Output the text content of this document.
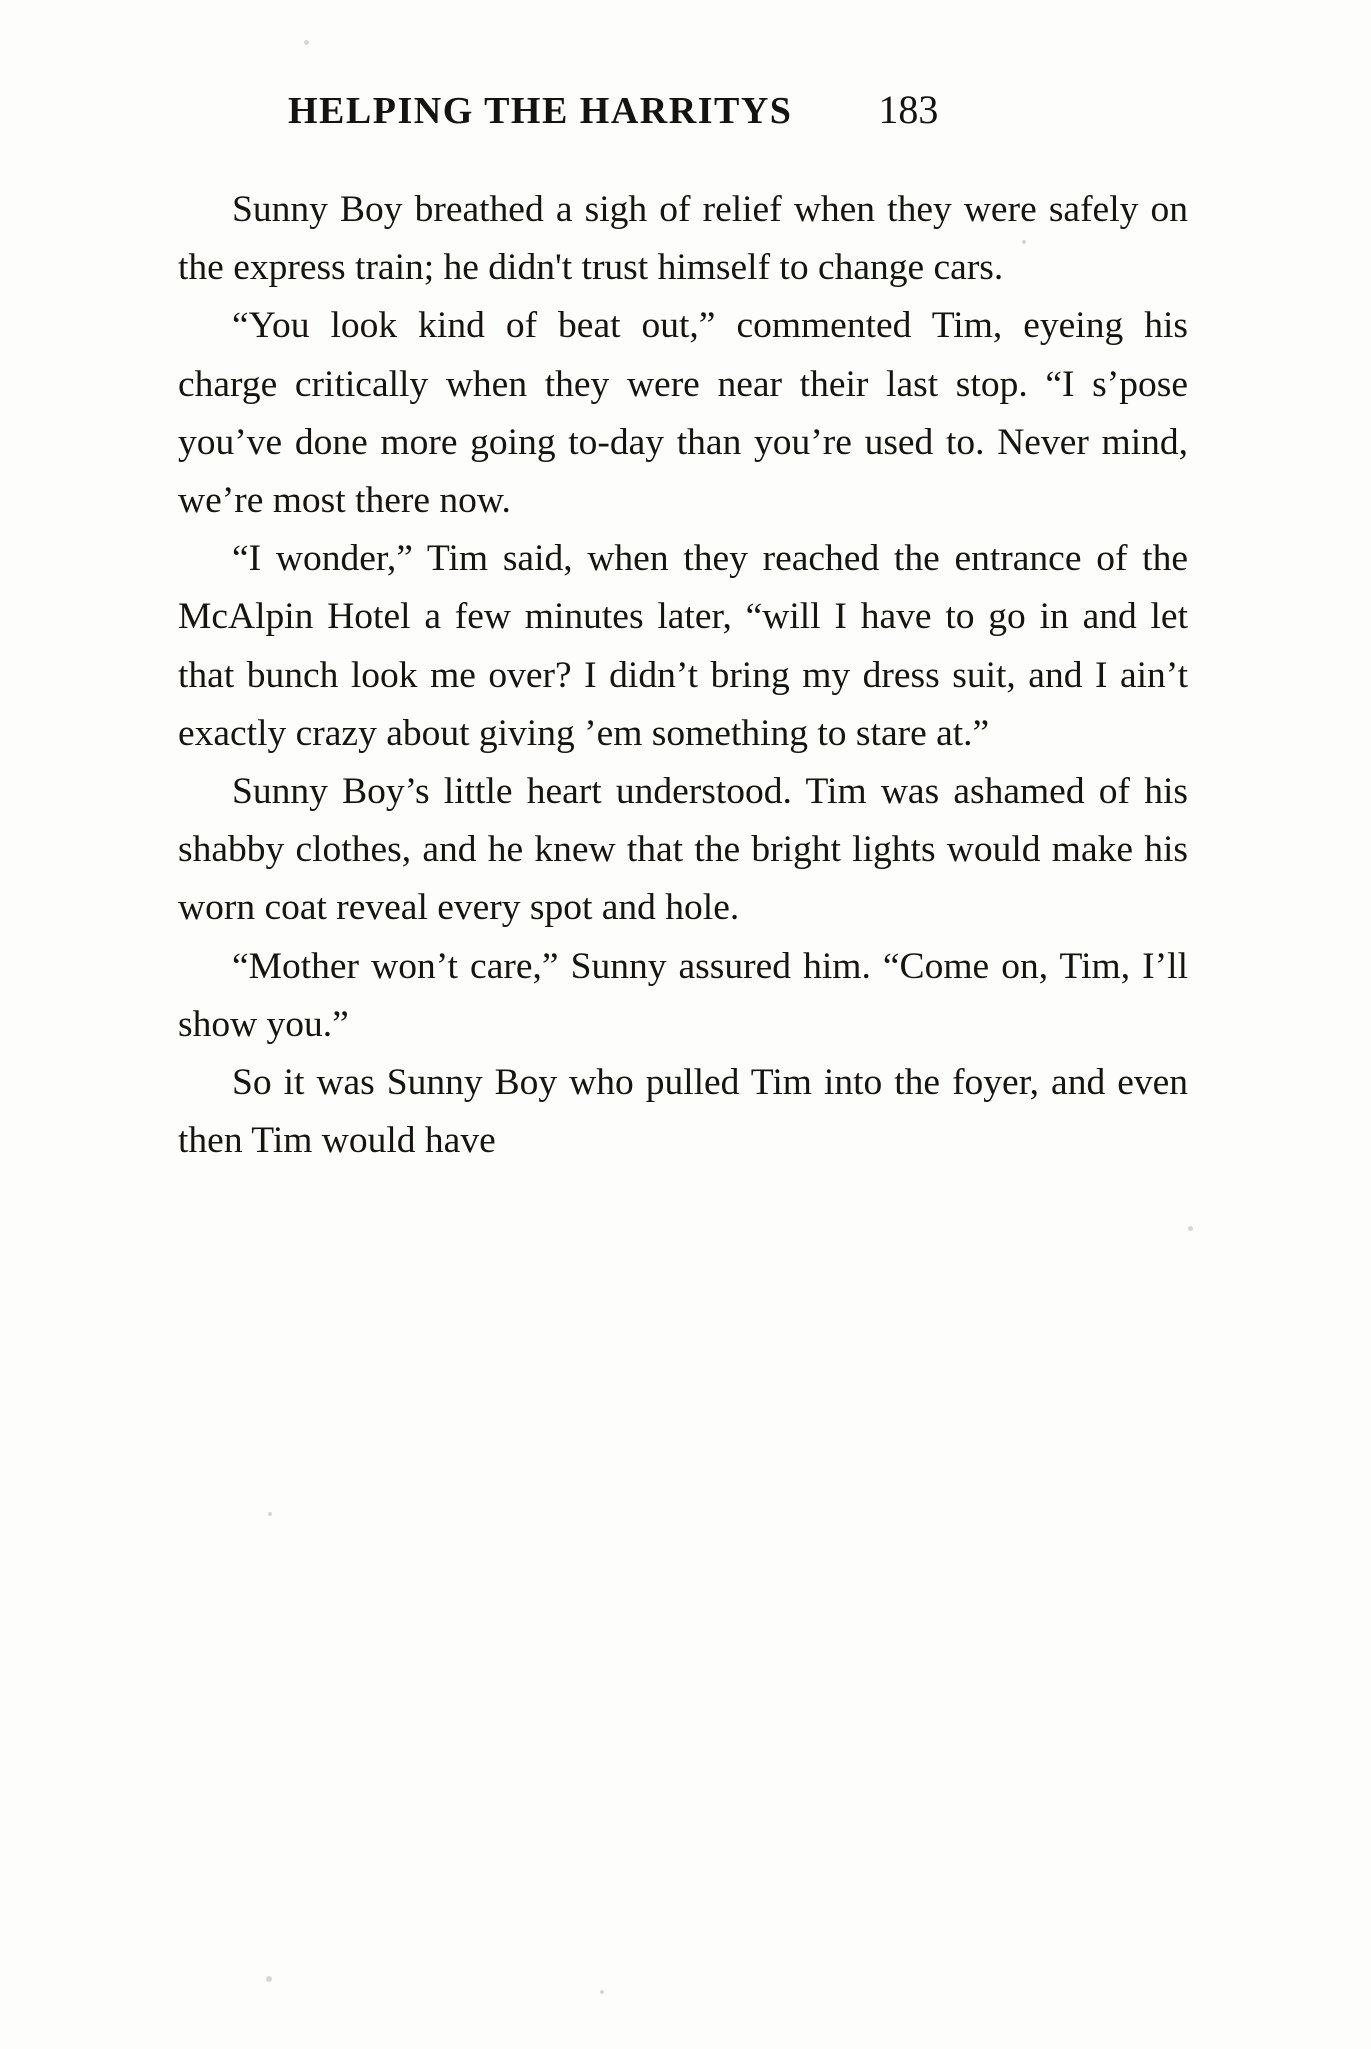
HELPING THE HARRITYS 183

Sunny Boy breathed a sigh of relief when they were safely on the express train; he didn't trust himself to change cars.

“You look kind of beat out,” commented Tim, eyeing his charge critically when they were near their last stop. “I s’pose you’ve done more going to-day than you’re used to. Never mind, we’re most there now.

“I wonder,” Tim said, when they reached the entrance of the McAlpin Hotel a few minutes later, “will I have to go in and let that bunch look me over? I didn’t bring my dress suit, and I ain’t exactly crazy about giving ’em something to stare at.”

Sunny Boy’s little heart understood. Tim was ashamed of his shabby clothes, and he knew that the bright lights would make his worn coat reveal every spot and hole.

“Mother won’t care,” Sunny assured him. “Come on, Tim, I’ll show you.”

So it was Sunny Boy who pulled Tim into the foyer, and even then Tim would have
